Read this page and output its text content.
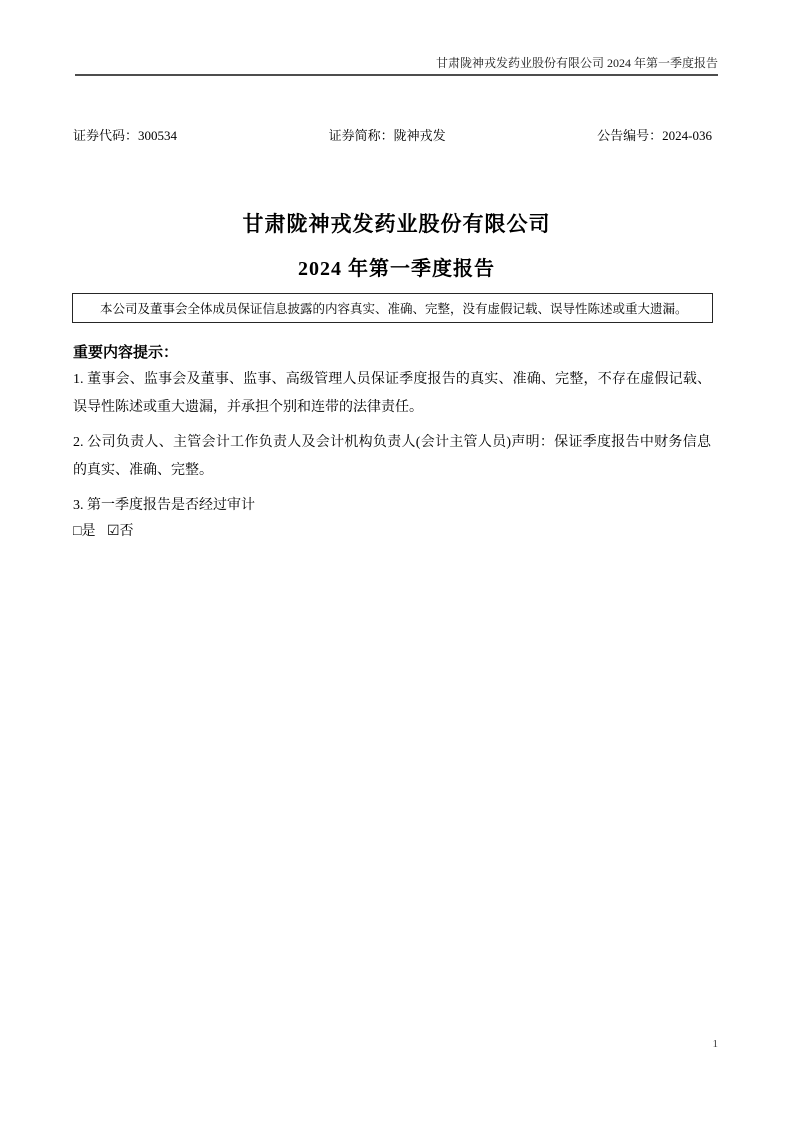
甘肃陇神戎发药业股份有限公司 2024 年第一季度报告
证券代码：300534	证券简称：陇神戎发	公告编号：2024-036
甘肃陇神戎发药业股份有限公司
2024 年第一季度报告

本公司及董事会全体成员保证信息披露的内容真实、准确、完整，没有虚假记载、误导性陈述或重大遗漏。

重要内容提示：

1. 董事会、监事会及董事、监事、高级管理人员保证季度报告的真实、准确、完整，不存在虚假记载、误导性陈述或重大遗漏，并承担个别和连带的法律责任。

2. 公司负责人、主管会计工作负责人及会计机构负责人(会计主管人员)声明：保证季度报告中财务信息的真实、准确、完整。

3. 第一季度报告是否经过审计

□是 ☑否
1
